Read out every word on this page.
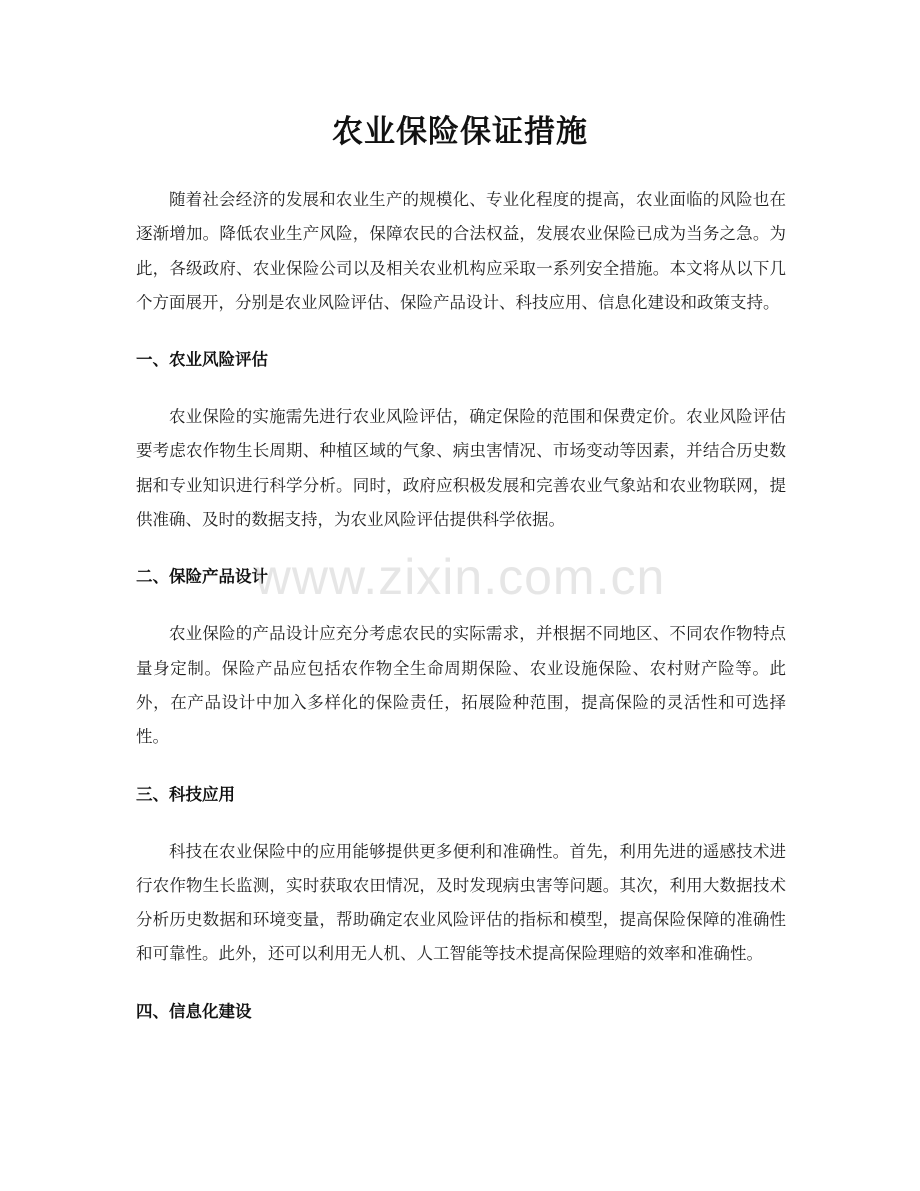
农业保险保证措施

随着社会经济的发展和农业生产的规模化、专业化程度的提高，农业面临的风险也在逐渐增加。降低农业生产风险，保障农民的合法权益，发展农业保险已成为当务之急。为此，各级政府、农业保险公司以及相关农业机构应采取一系列安全措施。本文将从以下几个方面展开，分别是农业风险评估、保险产品设计、科技应用、信息化建设和政策支持。

一、农业风险评估

农业保险的实施需先进行农业风险评估，确定保险的范围和保费定价。农业风险评估要考虑农作物生长周期、种植区域的气象、病虫害情况、市场变动等因素，并结合历史数据和专业知识进行科学分析。同时，政府应积极发展和完善农业气象站和农业物联网，提供准确、及时的数据支持，为农业风险评估提供科学依据。

二、保险产品设计

农业保险的产品设计应充分考虑农民的实际需求，并根据不同地区、不同农作物特点量身定制。保险产品应包括农作物全生命周期保险、农业设施保险、农村财产险等。此外，在产品设计中加入多样化的保险责任，拓展险种范围，提高保险的灵活性和可选择性。

三、科技应用

科技在农业保险中的应用能够提供更多便利和准确性。首先，利用先进的遥感技术进行农作物生长监测，实时获取农田情况，及时发现病虫害等问题。其次，利用大数据技术分析历史数据和环境变量，帮助确定农业风险评估的指标和模型，提高保险保障的准确性和可靠性。此外，还可以利用无人机、人工智能等技术提高保险理赔的效率和准确性。

四、信息化建设
www.zixin.com.cn
